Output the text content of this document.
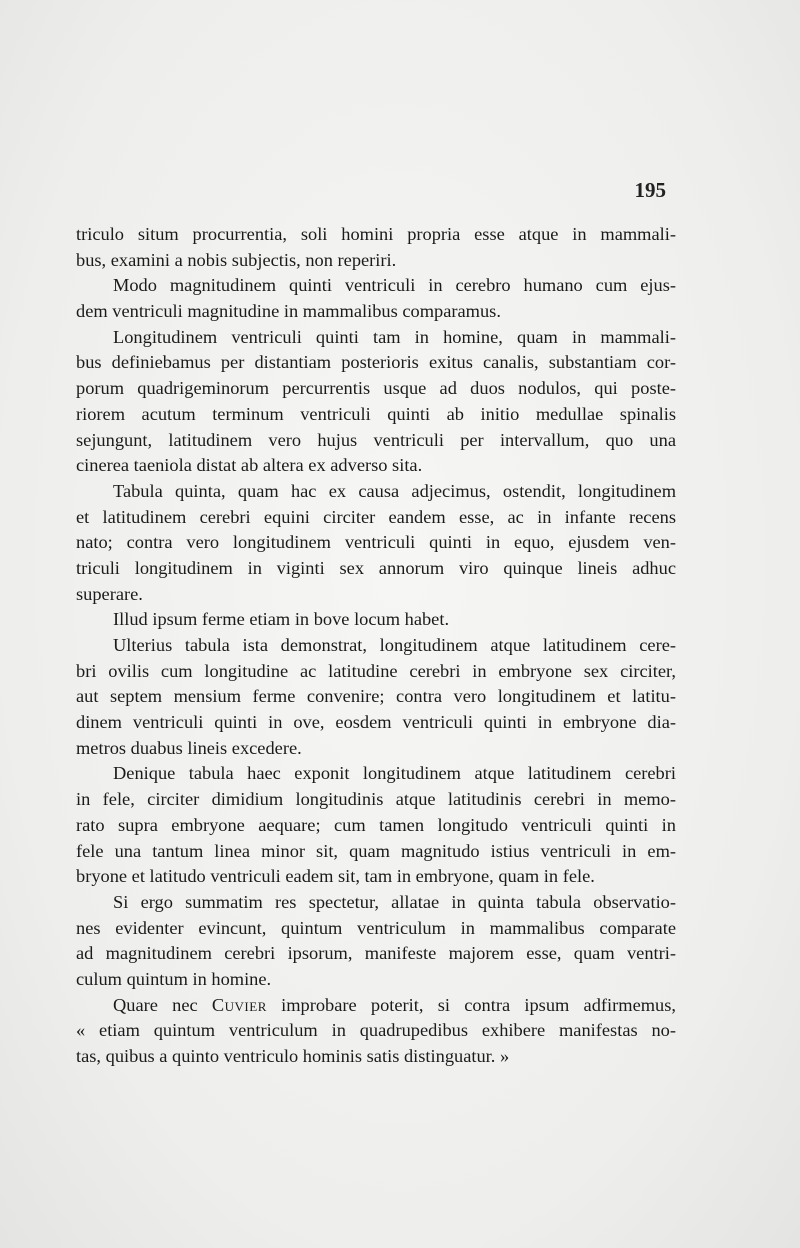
195
triculo situm procurrentia, soli homini propria esse atque in mammali-
bus, examini a nobis subjectis, non reperiri.
Modo magnitudinem quinti ventriculi in cerebro humano cum ejus-
dem ventriculi magnitudine in mammalibus comparamus.
Longitudinem ventriculi quinti tam in homine, quam in mammali-
bus definiebamus per distantiam posterioris exitus canalis, substantiam cor-
porum quadrigeminorum percurrentis usque ad duos nodulos, qui poste-
riorem acutum terminum ventriculi quinti ab initio medullae spinalis
sejungunt, latitudinem vero hujus ventriculi per intervallum, quo una
cinerea taeniola distat ab altera ex adverso sita.
Tabula quinta, quam hac ex causa adjecimus, ostendit, longitudinem
et latitudinem cerebri equini circiter eandem esse, ac in infante recens
nato; contra vero longitudinem ventriculi quinti in equo, ejusdem ven-
triculi longitudinem in viginti sex annorum viro quinque lineis adhuc
superare.
Illud ipsum ferme etiam in bove locum habet.
Ulterius tabula ista demonstrat, longitudinem atque latitudinem cere-
bri ovilis cum longitudine ac latitudine cerebri in embryone sex circiter,
aut septem mensium ferme convenire; contra vero longitudinem et latitu-
dinem ventriculi quinti in ove, eosdem ventriculi quinti in embryone dia-
metros duabus lineis excedere.
Denique tabula haec exponit longitudinem atque latitudinem cerebri
in fele, circiter dimidium longitudinis atque latitudinis cerebri in memo-
rato supra embryone aequare; cum tamen longitudo ventriculi quinti in
fele una tantum linea minor sit, quam magnitudo istius ventriculi in em-
bryone et latitudo ventriculi eadem sit, tam in embryone, quam in fele.
Si ergo summatim res spectetur, allatae in quinta tabula observatio-
nes evidenter evincunt, quintum ventriculum in mammalibus comparate
ad magnitudinem cerebri ipsorum, manifeste majorem esse, quam ventri-
culum quintum in homine.
Quare nec Cuvier improbare poterit, si contra ipsum adfirmemus,
« etiam quintum ventriculum in quadrupedibus exhibere manifestas no-
tas, quibus a quinto ventriculo hominis satis distinguatur. »
